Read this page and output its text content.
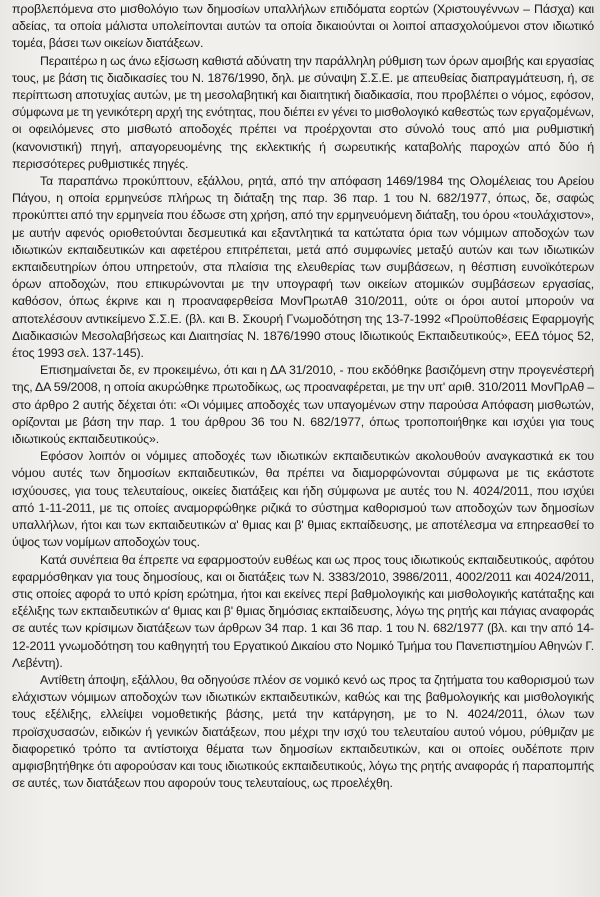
προβλεπόμενα στο μισθολόγιο των δημοσίων υπαλλήλων επιδόματα εορτών (Χριστουγέννων – Πάσχα) και αδείας, τα οποία μάλιστα υπολείπονται αυτών τα οποία δικαιούνται οι λοιποί απασχολούμενοι στον ιδιωτικό τομέα, βάσει των οικείων διατάξεων.

Περαιτέρω η ως άνω εξίσωση καθιστά αδύνατη την παράλληλη ρύθμιση των όρων αμοιβής και εργασίας τους, με βάση τις διαδικασίες του Ν. 1876/1990, δηλ. με σύναψη Σ.Σ.Ε. με απευθείας διαπραγμάτευση, ή, σε περίπτωση αποτυχίας αυτών, με τη μεσολαβητική και διαιτητική διαδικασία, που προβλέπει ο νόμος, εφόσον, σύμφωνα με τη γενικότερη αρχή της ενότητας, που διέπει εν γένει το μισθολογικό καθεστώς των εργαζομένων, οι οφειλόμενες στο μισθωτό αποδοχές πρέπει να προέρχονται στο σύνολό τους από μια ρυθμιστική (κανονιστική) πηγή, απαγορευομένης της εκλεκτικής ή σωρευτικής καταβολής παροχών από δύο ή περισσότερες ρυθμιστικές πηγές.

Τα παραπάνω προκύπτουν, εξάλλου, ρητά, από την απόφαση 1469/1984 της Ολομέλειας του Αρείου Πάγου, η οποία ερμηνεύσε πλήρως τη διάταξη της παρ. 36 παρ. 1 του Ν. 682/1977, όπως, δε, σαφώς προκύπτει από την ερμηνεία που έδωσε στη χρήση, από την ερμηνευόμενη διάταξη, του όρου «τουλάχιστον», με αυτήν αφενός οριοθετούνται δεσμευτικά και εξαντλητικά τα κατώτατα όρια των νόμιμων αποδοχών των ιδιωτικών εκπαιδευτικών και αφετέρου επιτρέπεται, μετά από συμφωνίες μεταξύ αυτών και των ιδιωτικών εκπαιδευτηρίων όπου υπηρετούν, στα πλαίσια της ελευθερίας των συμβάσεων, η θέσπιση ευνοϊκότερων όρων αποδοχών, που επικυρώνονται με την υπογραφή των οικείων ατομικών συμβάσεων εργασίας, καθόσον, όπως έκρινε και η προαναφερθείσα ΜονΠρωτΑθ 310/2011, ούτε οι όροι αυτοί μπορούν να αποτελέσουν αντικείμενο Σ.Σ.Ε. (βλ. και Β. Σκουρή Γνωμοδότηση της 13-7-1992 «Προϋποθέσεις Εφαρμογής Διαδικασιών Μεσολαβήσεως και Διαιτησίας Ν. 1876/1990 στους Ιδιωτικούς Εκπαιδευτικούς», ΕΕΔ τόμος 52, έτος 1993 σελ. 137-145).

Επισημαίνεται δε, εν προκειμένω, ότι και η ΔΑ 31/2010, - που εκδόθηκε βασιζόμενη στην προγενέστερή της, ΔΑ 59/2008, η οποία ακυρώθηκε πρωτοδίκως, ως προαναφέρεται, με την υπ' αριθ. 310/2011 ΜονΠρΑθ – στο άρθρο 2 αυτής δέχεται ότι: «Οι νόμιμες αποδοχές των υπαγομένων στην παρούσα Απόφαση μισθωτών, ορίζονται με βάση την παρ. 1 του άρθρου 36 του Ν. 682/1977, όπως τροποποιήθηκε και ισχύει για τους ιδιωτικούς εκπαιδευτικούς».

Εφόσον λοιπόν οι νόμιμες αποδοχές των ιδιωτικών εκπαιδευτικών ακολουθούν αναγκαστικά εκ του νόμου αυτές των δημοσίων εκπαιδευτικών, θα πρέπει να διαμορφώνονται σύμφωνα με τις εκάστοτε ισχύουσες, για τους τελευταίους, οικείες διατάξεις και ήδη σύμφωνα με αυτές του Ν. 4024/2011, που ισχύει από 1-11-2011, με τις οποίες αναμορφώθηκε ριζικά το σύστημα καθορισμού των αποδοχών των δημοσίων υπαλλήλων, ήτοι και των εκπαιδευτικών α' θμιας και β' θμιας εκπαίδευσης, με αποτέλεσμα να επηρεασθεί το ύψος των νομίμων αποδοχών τους.

Κατά συνέπεια θα έπρεπε να εφαρμοστούν ευθέως και ως προς τους ιδιωτικούς εκπαιδευτικούς, αφότου εφαρμόσθηκαν για τους δημοσίους, και οι διατάξεις των Ν. 3383/2010, 3986/2011, 4002/2011 και 4024/2011, στις οποίες αφορά το υπό κρίση ερώτημα, ήτοι και εκείνες περί βαθμολογικής και μισθολογικής κατάταξης και εξέλιξης των εκπαιδευτικών α' θμιας και β' θμιας δημόσιας εκπαίδευσης, λόγω της ρητής και πάγιας αναφοράς σε αυτές των κρίσιμων διατάξεων των άρθρων 34 παρ. 1 και 36 παρ. 1 του Ν. 682/1977 (βλ. και την από 14-12-2011 γνωμοδότηση του καθηγητή του Εργατικού Δικαίου στο Νομικό Τμήμα του Πανεπιστημίου Αθηνών Γ. Λεβέντη).

Αντίθετη άποψη, εξάλλου, θα οδηγούσε πλέον σε νομικό κενό ως προς τα ζητήματα του καθορισμού των ελάχιστων νόμιμων αποδοχών των ιδιωτικών εκπαιδευτικών, καθώς και της βαθμολογικής και μισθολογικής τους εξέλιξης, ελλείψει νομοθετικής βάσης, μετά την κατάργηση, με το Ν. 4024/2011, όλων των προϊσχυσασών, ειδικών ή γενικών διατάξεων, που μέχρι την ισχύ του τελευταίου αυτού νόμου, ρύθμιζαν με διαφορετικό τρόπο τα αντίστοιχα θέματα των δημοσίων εκπαιδευτικών, και οι οποίες ουδέποτε πριν αμφισβητήθηκε ότι αφορούσαν και τους ιδιωτικούς εκπαιδευτικούς, λόγω της ρητής αναφοράς ή παραπομπής σε αυτές, των διατάξεων που αφορούν τους τελευταίους, ως προελέχθη.
